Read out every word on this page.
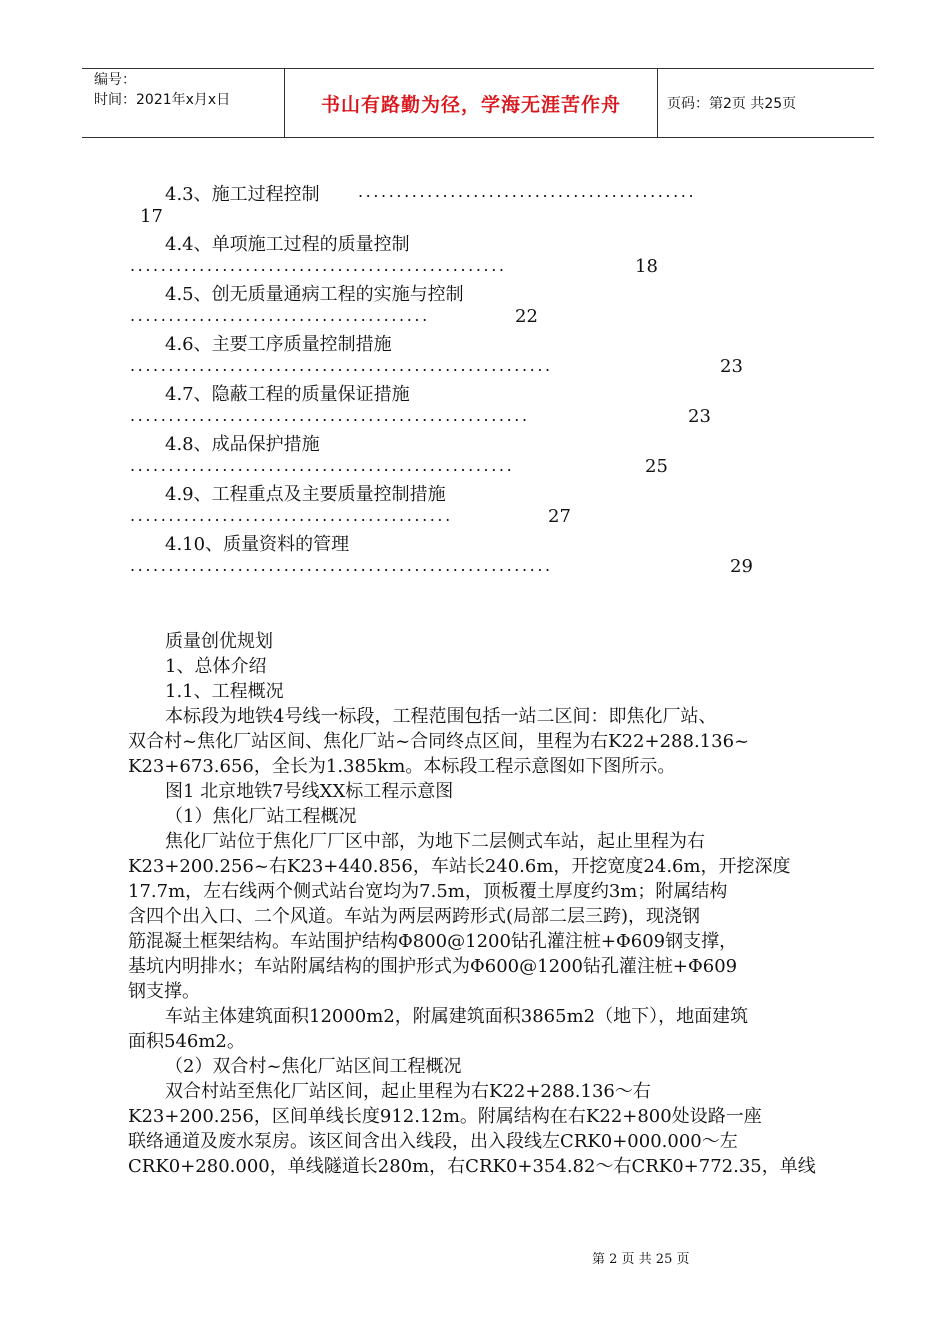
编号：
时间：2021年x月x日	书山有路勤为径，学海无涯苦作舟	页码：第2页 共25页
4.3、施工过程控制 ............................................
17
4.4、单项施工过程的质量控制
.................................................	18
4.5、创无质量通病工程的实施与控制
.......................................	22
4.6、主要工序质量控制措施
.......................................................	23
4.7、隐蔽工程的质量保证措施
....................................................	23
4.8、成品保护措施
..................................................	25
4.9、工程重点及主要质量控制措施
..........................................	27
4.10、质量资料的管理
.......................................................	29
质量创优规划
1、总体介绍
1.1、工程概况
本标段为地铁4号线一标段，工程范围包括一站二区间：即焦化厂站、
双合村~焦化厂站区间、焦化厂站~合同终点区间，里程为右K22+288.136~
K23+673.656，全长为1.385km。本标段工程示意图如下图所示。
图1 北京地铁7号线XX标工程示意图
（1）焦化厂站工程概况
焦化厂站位于焦化厂厂区中部，为地下二层侧式车站，起止里程为右
K23+200.256~右K23+440.856，车站长240.6m，开挖宽度24.6m，开挖深度
17.7m，左右线两个侧式站台宽均为7.5m，顶板覆土厚度约3m；附属结构
含四个出入口、二个风道。车站为两层两跨形式(局部二层三跨)，现浇钢
筋混凝土框架结构。车站围护结构Φ800@1200钻孔灌注桩+Φ609钢支撑，
基坑内明排水；车站附属结构的围护形式为Φ600@1200钻孔灌注桩+Φ609
钢支撑。
车站主体建筑面积12000m2，附属建筑面积3865m2（地下），地面建筑
面积546m2。
（2）双合村~焦化厂站区间工程概况
双合村站至焦化厂站区间，起止里程为右K22+288.136～右
K23+200.256，区间单线长度912.12m。附属结构在右K22+800处设路一座
联络通道及废水泵房。该区间含出入线段，出入段线左CRK0+000.000～左
CRK0+280.000，单线隧道长280m，右CRK0+354.82～右CRK0+772.35，单线
第 2 页 共 25 页
